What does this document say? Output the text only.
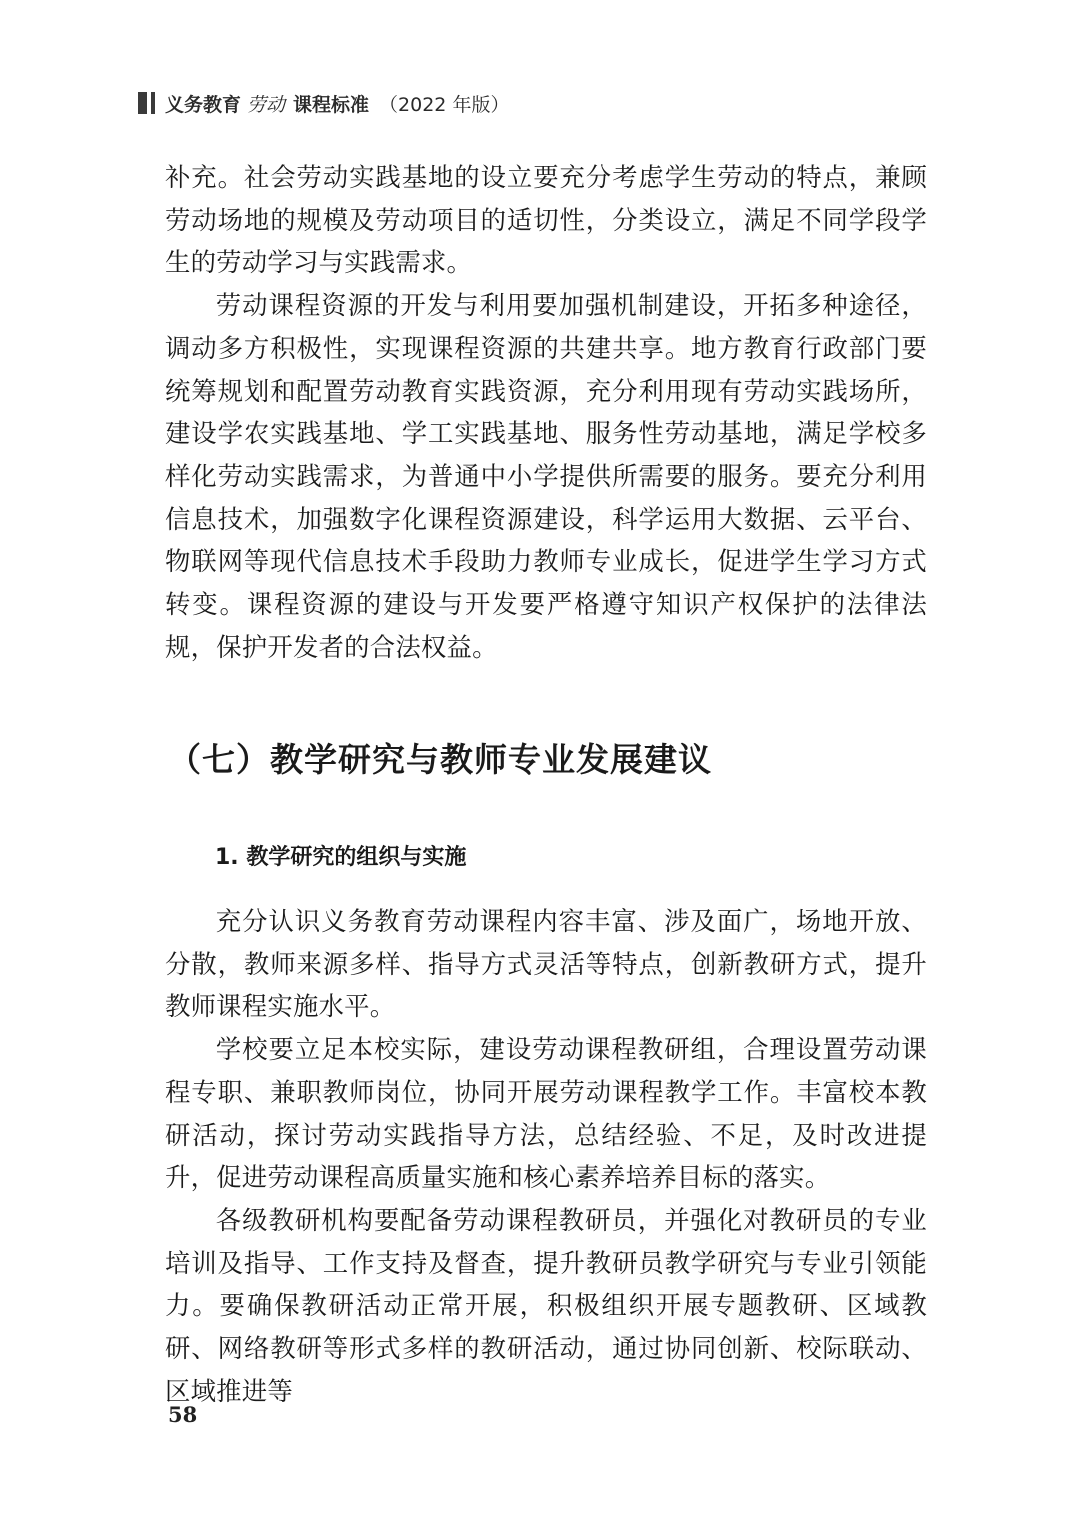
义务教育 劳动 课程标准 （2022 年版）

补充。社会劳动实践基地的设立要充分考虑学生劳动的特点，兼顾劳动场地的规模及劳动项目的适切性，分类设立，满足不同学段学生的劳动学习与实践需求。

劳动课程资源的开发与利用要加强机制建设，开拓多种途径，调动多方积极性，实现课程资源的共建共享。地方教育行政部门要统筹规划和配置劳动教育实践资源，充分利用现有劳动实践场所，建设学农实践基地、学工实践基地、服务性劳动基地，满足学校多样化劳动实践需求，为普通中小学提供所需要的服务。要充分利用信息技术，加强数字化课程资源建设，科学运用大数据、云平台、物联网等现代信息技术手段助力教师专业成长，促进学生学习方式转变。课程资源的建设与开发要严格遵守知识产权保护的法律法规，保护开发者的合法权益。

（七）教学研究与教师专业发展建议
1. 教学研究的组织与实施

充分认识义务教育劳动课程内容丰富、涉及面广，场地开放、分散，教师来源多样、指导方式灵活等特点，创新教研方式，提升教师课程实施水平。

学校要立足本校实际，建设劳动课程教研组，合理设置劳动课程专职、兼职教师岗位，协同开展劳动课程教学工作。丰富校本教研活动，探讨劳动实践指导方法，总结经验、不足，及时改进提升，促进劳动课程高质量实施和核心素养培养目标的落实。

各级教研机构要配备劳动课程教研员，并强化对教研员的专业培训及指导、工作支持及督查，提升教研员教学研究与专业引领能力。要确保教研活动正常开展，积极组织开展专题教研、区域教研、网络教研等形式多样的教研活动，通过协同创新、校际联动、区域推进等

58
